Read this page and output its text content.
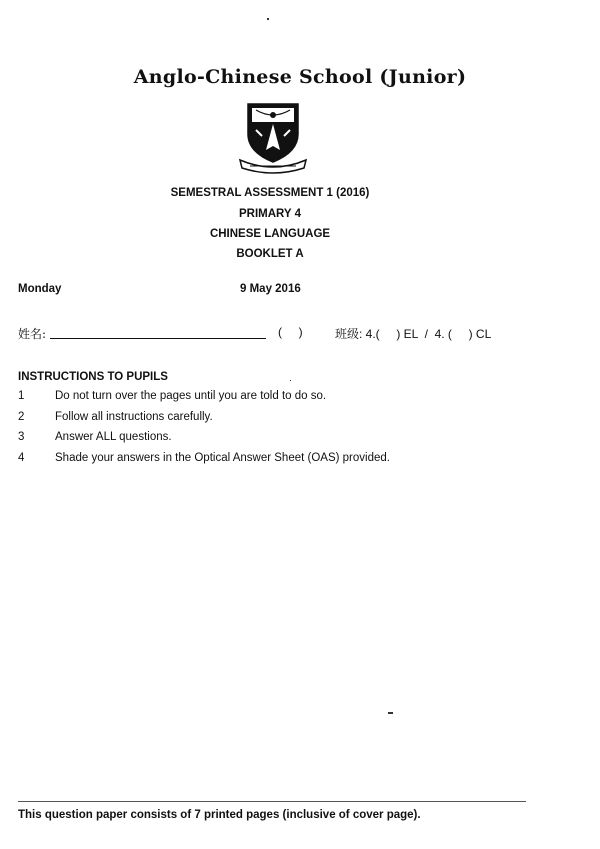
Anglo-Chinese School (Junior)
SEMESTRAL ASSESSMENT 1 (2016)
PRIMARY 4
CHINESE LANGUAGE
BOOKLET A
Monday	9 May 2016
姓名:	(     )	班级: 4.(     ) EL  /  4. (     ) CL
INSTRUCTIONS TO PUPILS
1	Do not turn over the pages until you are told to do so.
2	Follow all instructions carefully.
3	Answer ALL questions.
4	Shade your answers in the Optical Answer Sheet (OAS) provided.
This question paper consists of 7 printed pages (inclusive of cover page).
